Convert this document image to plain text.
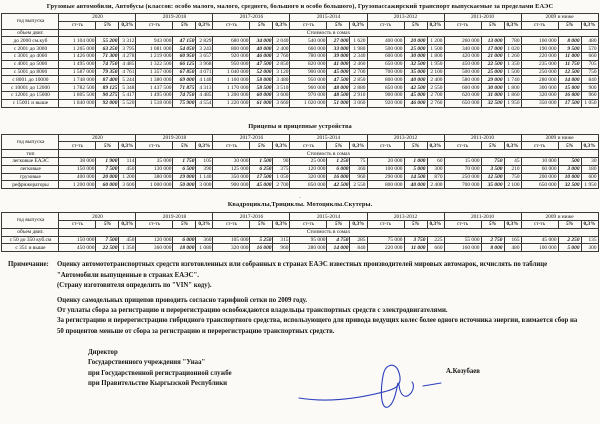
Грузовые автомобили, Автобусы (классов: особо малого, малого, среднего, большого и особо большого), Грузопассажирский транспорт выпускаемые за пределами ЕАЭС
год выпуска	2020			2019-2018			2017-2016			2015-2014			2013-2012			2011-2010			2009 и ниже		
	ст-ть	5%	0,3%	ст-ть	5%	0,3%	ст-ть	5%	0,3%	ст-ть	5%	0,3%	ст-ть	5%	0,3%	ст-ть	5%	0,3%	ст-ть	5%	0,3%
объем двиг.	Стоимость в сомах																				
до 2000 см.куб	1 104 000	55 200	3 312	943 000	47 150	2 829	680 000	34 000	2 040	540 000	27 000	1 620	400 000	20 000	1 200	260 000	13 000	780	160 000	8 000	480
с 2001 до 3000	1 265 000	63 250	3 795	1 081 000	54 050	3 243	800 000	40 000	2 400	660 000	33 000	1 980	500 000	25 000	1 500	340 000	17 000	1 020	190 000	9 500	570
с 3001 до 4000	1 426 000	71 300	4 278	1 219 000	60 950	3 657	920 000	46 000	2 760	780 000	39 000	2 340	600 000	30 000	1 800	420 000	21 000	1 260	220 000	11 000	660
с 4001 до 5000	1 495 000	74 750	4 485	1 322 500	66 125	3 968	950 000	47 500	2 850	820 000	41 000	2 460	650 000	32 500	1 950	450 000	22 500	1 350	235 000	11 750	705
с 5001 до 8000	1 587 000	79 350	4 761	1 357 000	67 850	4 071	1 040 000	52 000	3 120	900 000	45 000	2 700	700 000	35 000	2 100	500 000	25 000	1 500	250 000	12 500	750
с 8001 до 10000	1 748 000	87 400	5 244	1 380 000	69 000	4 140	1 160 000	58 000	3 480	950 000	47 500	2 850	800 000	40 000	2 400	580 000	29 000	1 740	280 000	14 000	840
с 10001 до 12000	1 782 500	89 125	5 348	1 437 500	71 875	4 313	1 170 000	58 500	3 510	960 000	48 000	2 880	850 000	42 500	2 550	600 000	30 000	1 800	300 000	15 000	900
с 12001 до 15000	1 805 500	90 275	5 417	1 495 000	74 750	4 485	1 200 000	60 000	3 600	970 000	48 500	2 910	900 000	45 000	2 700	620 000	31 000	1 860	320 000	16 000	960
с 15001 и выше	1 840 000	92 000	5 520	1 518 000	75 900	4 554	1 220 000	61 000	3 660	1 020 000	51 000	3 060	920 000	46 000	2 760	650 000	32 500	1 950	350 000	17 500	1 050
Прицепы и прицепные устройства
год выпуска	2020			2019-2018			2017-2016			2015-2014			2013-2012			2011-2010			2009 и ниже		
	ст-ть	5%	0,3%	ст-ть	5%	0,3%	ст-ть	5%	0,3%	ст-ть	5%	0,3%	ст-ть	5%	0,3%	ст-ть	5%	0,3%	ст-ть	5%	0,3%
тип	Стоимость в сомах																				
легковые ЕАЭС	38 000	1 900	114	35 000	1 750	105	30 000	1 500	90	25 000	1 250	75	20 000	1 000	60	15 000	750	45	10 000	500	30
легковые	150 000	7 500	450	130 000	6 500	390	125 000	6 250	375	120 000	6 000	360	100 000	5 000	300	70 000	3 500	210	60 000	3 000	180
грузовые	400 000	20 000	1 200	380 000	19 000	1 140	350 000	17 500	1 050	320 000	16 000	960	290 000	14 500	870	250 000	12 500	750	200 000	10 000	600
рефрижераторы	1 200 000	60 000	3 600	1 000 000	50 000	3 000	900 000	45 000	2 700	850 000	42 500	2 550	800 000	40 000	2 400	700 000	35 000	2 100	650 000	32 500	1 950
.
Квадроциклы,Трициклы. Мотоциклы.Скутеры.
год выпуска	2020			2019-2018			2017-2016			2015-2014			2013-2012			2011-2010			2009 и ниже		
	ст-ть	5%	0,3%	ст-ть	5%	0,3%	ст-ть	5%	0,3%	ст-ть	5%	0,3%	ст-ть	5%	0,3%	ст-ть	5%	0,3%	ст-ть	5%	0,3%
объем двиг.	Стоимость в сомах																				
с 50 до 350 куб.см	150 000	7 500	450	120 000	6 000	360	105 000	5 250	315	95 000	4 750	285	75 000	3 750	225	55 000	2 750	165	45 000	2 250	135
с 351 и выше	450 000	22 500	1 350	360 000	18 000	1 080	320 000	16 000	960	280 000	14 000	840	220 000	11 000	660	160 000	8 000	480	100 000	5 000	300
Примечание:	Оценку автомототранспортных средств изготовленных или собранных в странах ЕАЭС известных производителей мировых автомарок, исчислять по таблице "Автомобили выпущенные в странах ЕАЭС".

(Страну изготовителя определить по "VIN" коду).

Оценку самодельных прицепов проводить согласно тарифной сетки по 2009 году.

От уплаты сбора за регистрацию и перерегистрацию освобождаются владельцы транспортных средств с электродвигателями.

За регистрацию и перерегистрацию гибридного транспортного средства, использующего для привода ведущих колес более одного источника энергии, взимается сбор на 50 процентов меньше от сбора за регистрацию и перерегистрацию транспортных средств.

Директор
Государственного учреждения "Унаа"
при Государственной регистрационной службе
при Правительстве Кыргызской Республики
А.Козубаев
